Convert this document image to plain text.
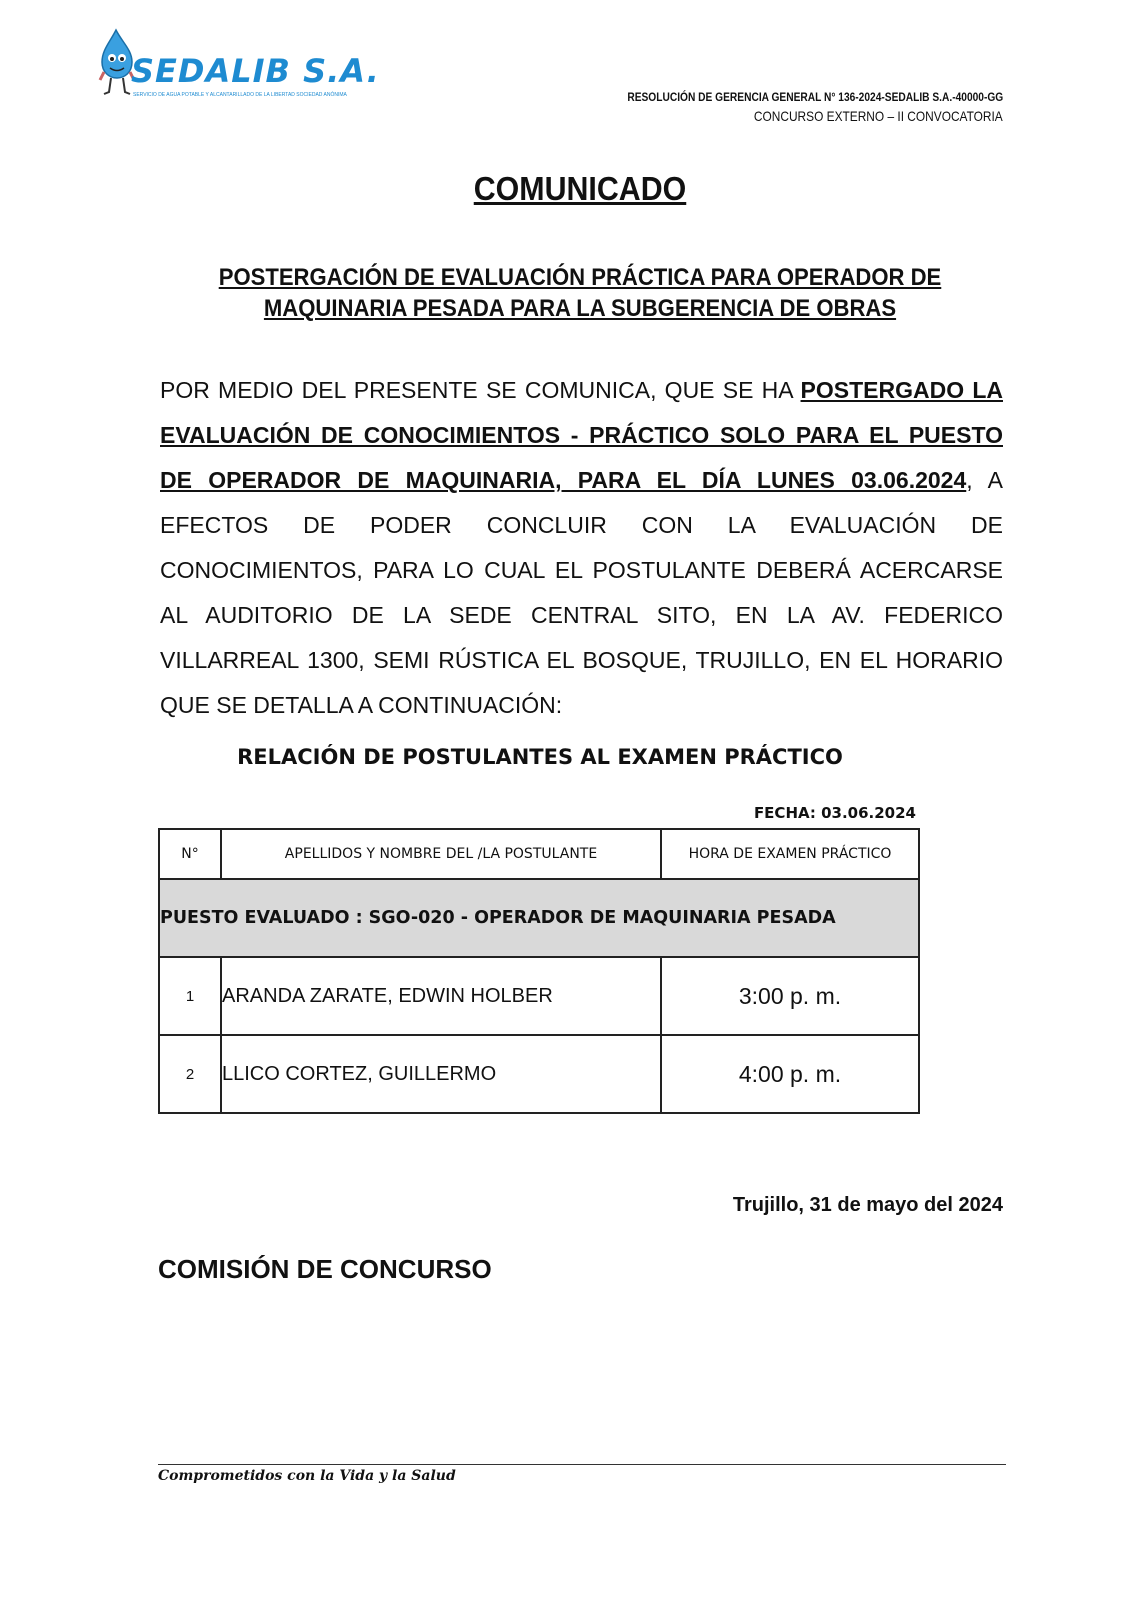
SEDALIB S.A.
SERVICIO DE AGUA POTABLE Y ALCANTARILLADO DE LA LIBERTAD SOCIEDAD ANÓNIMA	RESOLUCIÓN DE GERENCIA GENERAL N° 136-2024-SEDALIB S.A.-40000-GG
CONCURSO EXTERNO – II CONVOCATORIA
COMUNICADO
POSTERGACIÓN DE EVALUACIÓN PRÁCTICA PARA OPERADOR DE
MAQUINARIA PESADA PARA LA SUBGERENCIA DE OBRAS
POR MEDIO DEL PRESENTE SE COMUNICA, QUE SE HA POSTERGADO LA EVALUACIÓN DE CONOCIMIENTOS - PRÁCTICO SOLO PARA EL PUESTO DE OPERADOR DE MAQUINARIA, PARA EL DÍA LUNES 03.06.2024, A EFECTOS DE PODER CONCLUIR CON LA EVALUACIÓN DE CONOCIMIENTOS, PARA LO CUAL EL POSTULANTE DEBERÁ ACERCARSE AL AUDITORIO DE LA SEDE CENTRAL SITO, EN LA AV. FEDERICO VILLARREAL 1300, SEMI RÚSTICA EL BOSQUE, TRUJILLO, EN EL HORARIO QUE SE DETALLA A CONTINUACIÓN:
RELACIÓN DE POSTULANTES AL EXAMEN PRÁCTICO
FECHA: 03.06.2024
N°	APELLIDOS Y NOMBRE DEL /LA POSTULANTE	HORA DE EXAMEN PRÁCTICO
PUESTO EVALUADO : SGO-020 - OPERADOR DE MAQUINARIA PESADA		
1	ARANDA ZARATE, EDWIN HOLBER	3:00 p. m.
2	LLICO CORTEZ, GUILLERMO	4:00 p. m.
Trujillo, 31 de mayo del 2024
COMISIÓN DE CONCURSO
Comprometidos con la Vida y la Salud
